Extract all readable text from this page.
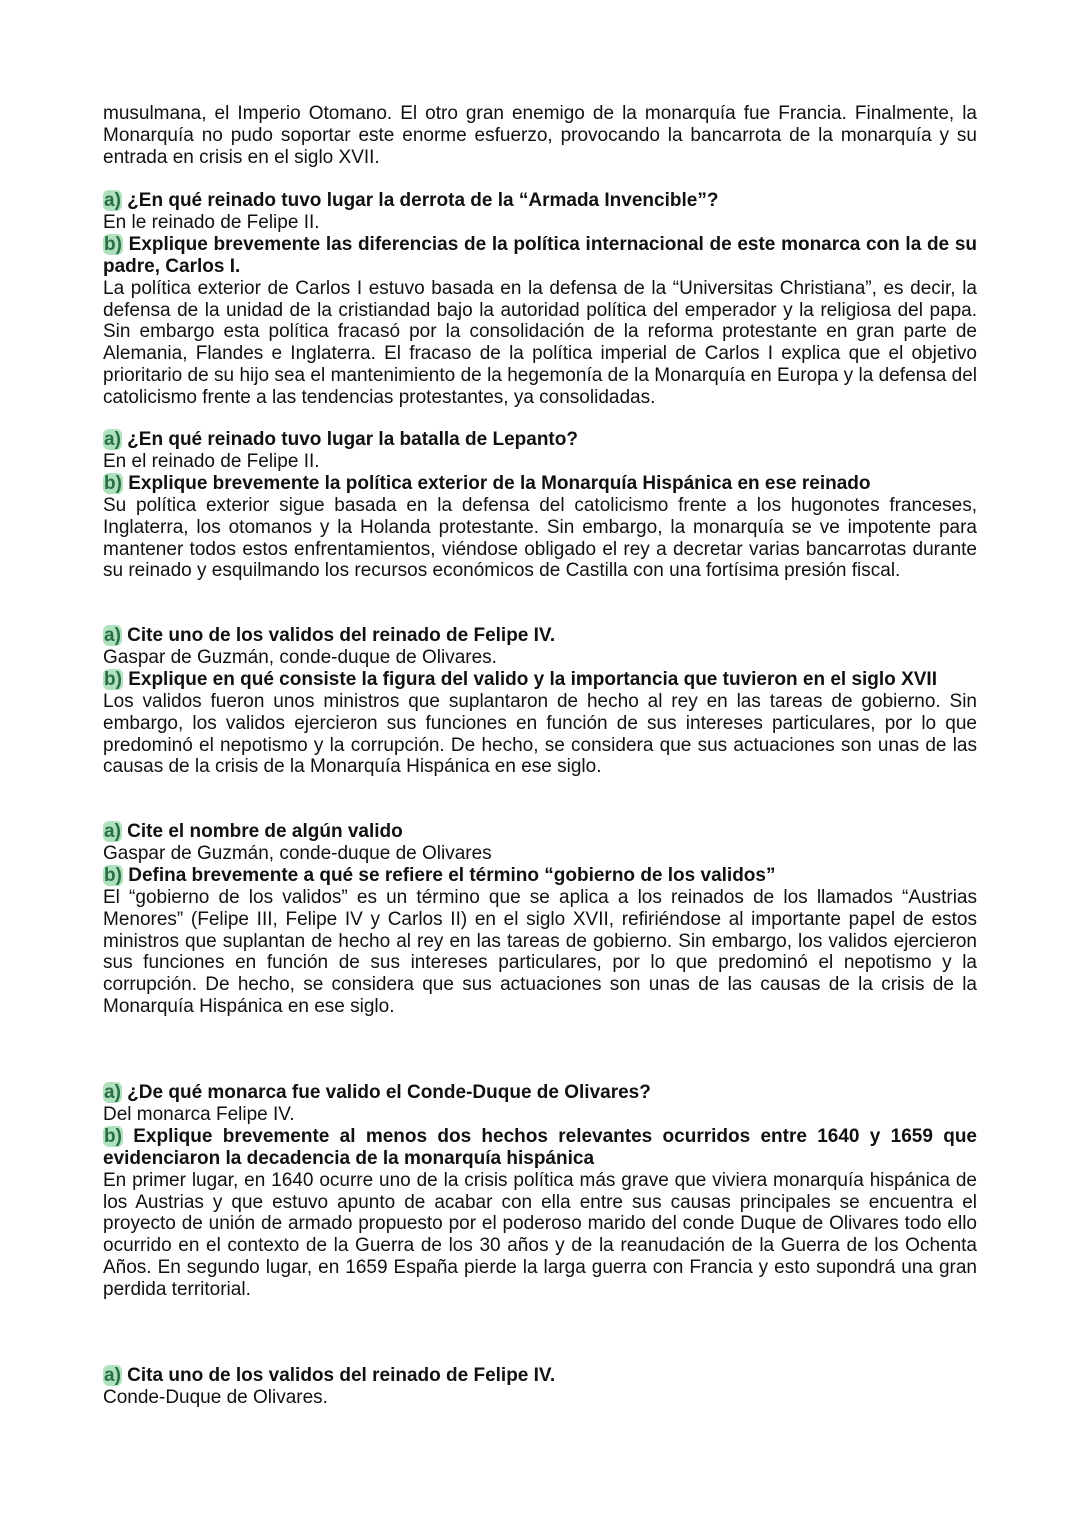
musulmana, el Imperio Otomano. El otro gran enemigo de la monarquía fue Francia. Finalmente, la Monarquía no pudo soportar este enorme esfuerzo, provocando la bancarrota de la monarquía y su entrada en crisis en el siglo XVII.

a) ¿En qué reinado tuvo lugar la derrota de la “Armada Invencible”?

En le reinado de Felipe II.

b) Explique brevemente las diferencias de la política internacional de este monarca con la de su padre, Carlos I.

La política exterior de Carlos I estuvo basada en la defensa de la “Universitas Christiana”, es decir, la defensa de la unidad de la cristiandad bajo la autoridad política del emperador y la religiosa del papa. Sin embargo esta política fracasó por la consolidación de la reforma protestante en gran parte de Alemania, Flandes e Inglaterra. El fracaso de la política imperial de Carlos I explica que el objetivo prioritario de su hijo sea el mantenimiento de la hegemonía de la Monarquía en Europa y la defensa del catolicismo frente a las tendencias protestantes, ya consolidadas.

a) ¿En qué reinado tuvo lugar la batalla de Lepanto?

En el reinado de Felipe II.

b) Explique brevemente la política exterior de la Monarquía Hispánica en ese reinado

Su política exterior sigue basada en la defensa del catolicismo frente a los hugonotes franceses, Inglaterra, los otomanos y la Holanda protestante. Sin embargo, la monarquía se ve impotente para mantener todos estos enfrentamientos, viéndose obligado el rey a decretar varias bancarrotas durante su reinado y esquilmando los recursos económicos de Castilla con una fortísima presión fiscal.

a) Cite uno de los validos del reinado de Felipe IV.

Gaspar de Guzmán, conde-duque de Olivares.

b) Explique en qué consiste la figura del valido y la importancia que tuvieron en el siglo XVII

Los validos fueron unos ministros que suplantaron de hecho al rey en las tareas de gobierno. Sin embargo, los validos ejercieron sus funciones en función de sus intereses particulares, por lo que predominó el nepotismo y la corrupción. De hecho, se considera que sus actuaciones son unas de las causas de la crisis de la Monarquía Hispánica en ese siglo.

a) Cite el nombre de algún valido

Gaspar de Guzmán, conde-duque de Olivares

b) Defina brevemente a qué se refiere el término “gobierno de los validos”

El “gobierno de los validos” es un término que se aplica a los reinados de los llamados “Austrias Menores” (Felipe III, Felipe IV y Carlos II) en el siglo XVII, refiriéndose al importante papel de estos ministros que suplantan de hecho al rey en las tareas de gobierno. Sin embargo, los validos ejercieron sus funciones en función de sus intereses particulares, por lo que predominó el nepotismo y la corrupción. De hecho, se considera que sus actuaciones son unas de las causas de la crisis de la Monarquía Hispánica en ese siglo.

a) ¿De qué monarca fue valido el Conde-Duque de Olivares?

Del monarca Felipe IV.

b) Explique brevemente al menos dos hechos relevantes ocurridos entre 1640 y 1659 que evidenciaron la decadencia de la monarquía hispánica

En primer lugar, en 1640 ocurre uno de la crisis política más grave que viviera monarquía hispánica de los Austrias y que estuvo apunto de acabar con ella entre sus causas principales se encuentra el proyecto de unión de armado propuesto por el poderoso marido del conde Duque de Olivares todo ello ocurrido en el contexto de la Guerra de los 30 años y de la reanudación de la Guerra de los Ochenta Años. En segundo lugar, en 1659 España pierde la larga guerra con Francia y esto supondrá una gran perdida territorial.

a) Cita uno de los validos del reinado de Felipe IV.

Conde-Duque de Olivares.
